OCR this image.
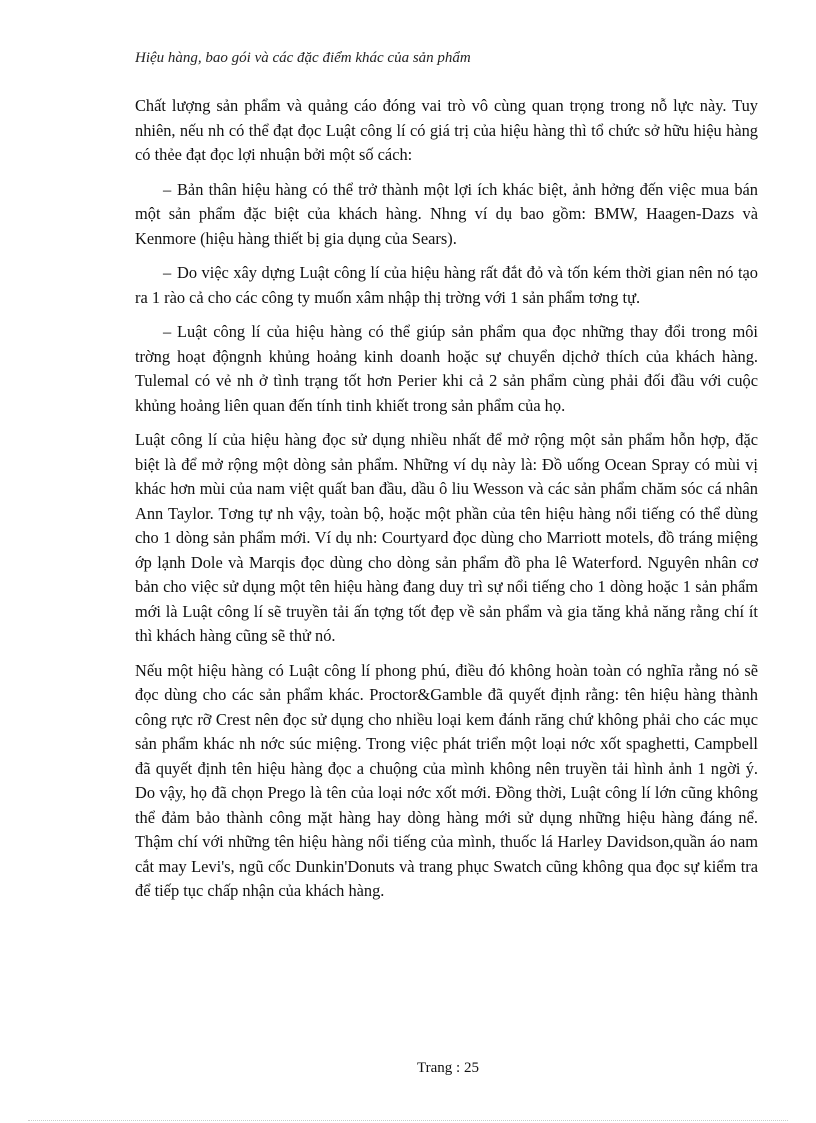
Hiệu hàng, bao gói và các đặc điểm khác của sản phẩm

Chất lượng sản phẩm và quảng cáo đóng vai trò vô cùng quan trọng trong nỗ lực này. Tuy nhiên, nếu nh có thể đạt đọc Luật công lí có giá trị của hiệu hàng thì tổ chức sở hữu hiệu hàng có thẻe đạt đọc lợi nhuận bởi một số cách:

– Bản thân hiệu hàng có thể trở thành một lợi ích khác biệt, ảnh hởng đến việc mua bán một sản phẩm đặc biệt của khách hàng. Nhng ví dụ bao gồm: BMW, Haagen-Dazs và Kenmore (hiệu hàng thiết bị gia dụng của Sears).

– Do việc xây dựng Luật công lí của hiệu hàng rất đắt đỏ và tốn kém thời gian nên nó tạo ra 1 rào cả cho các công ty muốn xâm nhập thị trờng với 1 sản phẩm tơng tự.

– Luật công lí của hiệu hàng có thể giúp sản phẩm qua đọc những thay đổi trong môi trờng hoạt độngnh khủng hoảng kinh doanh hoặc sự chuyển dịchở thích của khách hàng. Tulemal có vẻ nh ở tình trạng tốt hơn Perier khi cả 2 sản phẩm cùng phải đối đầu với cuộc khủng hoảng liên quan đến tính tinh khiết trong sản phẩm của họ.

Luật công lí của hiệu hàng đọc sử dụng nhiều nhất để mở rộng một sản phẩm hỗn hợp, đặc biệt là để mở rộng một dòng sản phẩm. Những ví dụ này là: Đồ uống Ocean Spray có mùi vị khác hơn mùi của nam việt quất ban đầu, dầu ô liu Wesson và các sản phẩm chăm sóc cá nhân Ann Taylor. Tơng tự nh vậy, toàn bộ, hoặc một phần của tên hiệu hàng nổi tiếng có thể dùng cho 1 dòng sản phẩm mới. Ví dụ nh: Courtyard đọc dùng cho Marriott motels, đồ tráng miệng ớp lạnh Dole và Marqis đọc dùng cho dòng sản phẩm đồ pha lê Waterford. Nguyên nhân cơ bản cho việc sử dụng một tên hiệu hàng đang duy trì sự nổi tiếng cho 1 dòng hoặc 1 sản phẩm mới là Luật công lí sẽ truyền tải ấn tợng tốt đẹp về sản phẩm và gia tăng khả năng rằng chí ít thì khách hàng cũng sẽ thử nó.

Nếu một hiệu hàng có Luật công lí phong phú, điều đó không hoàn toàn có nghĩa rằng nó sẽ đọc dùng cho các sản phẩm khác. Proctor&Gamble đã quyết định rằng: tên hiệu hàng thành công rực rỡ Crest nên đọc sử dụng cho nhiều loại kem đánh răng chứ không phải cho các mục sản phẩm khác nh nớc súc miệng. Trong việc phát triển một loại nớc xốt spaghetti, Campbell đã quyết định tên hiệu hàng đọc a chuộng của mình không nên truyền tải hình ảnh 1 ngời ý. Do vậy, họ đã chọn Prego là tên của loại nớc xốt mới. Đồng thời, Luật công lí lớn cũng không thể đảm bảo thành công mặt hàng hay dòng hàng mới sử dụng những hiệu hàng đáng nể. Thậm chí với những tên hiệu hàng nổi tiếng của mình, thuốc lá Harley Davidson,quần áo nam cắt may Levi's, ngũ cốc Dunkin'Donuts và trang phục Swatch cũng không qua đọc sự kiểm tra để tiếp tục chấp nhận của khách hàng.

Trang : 25
